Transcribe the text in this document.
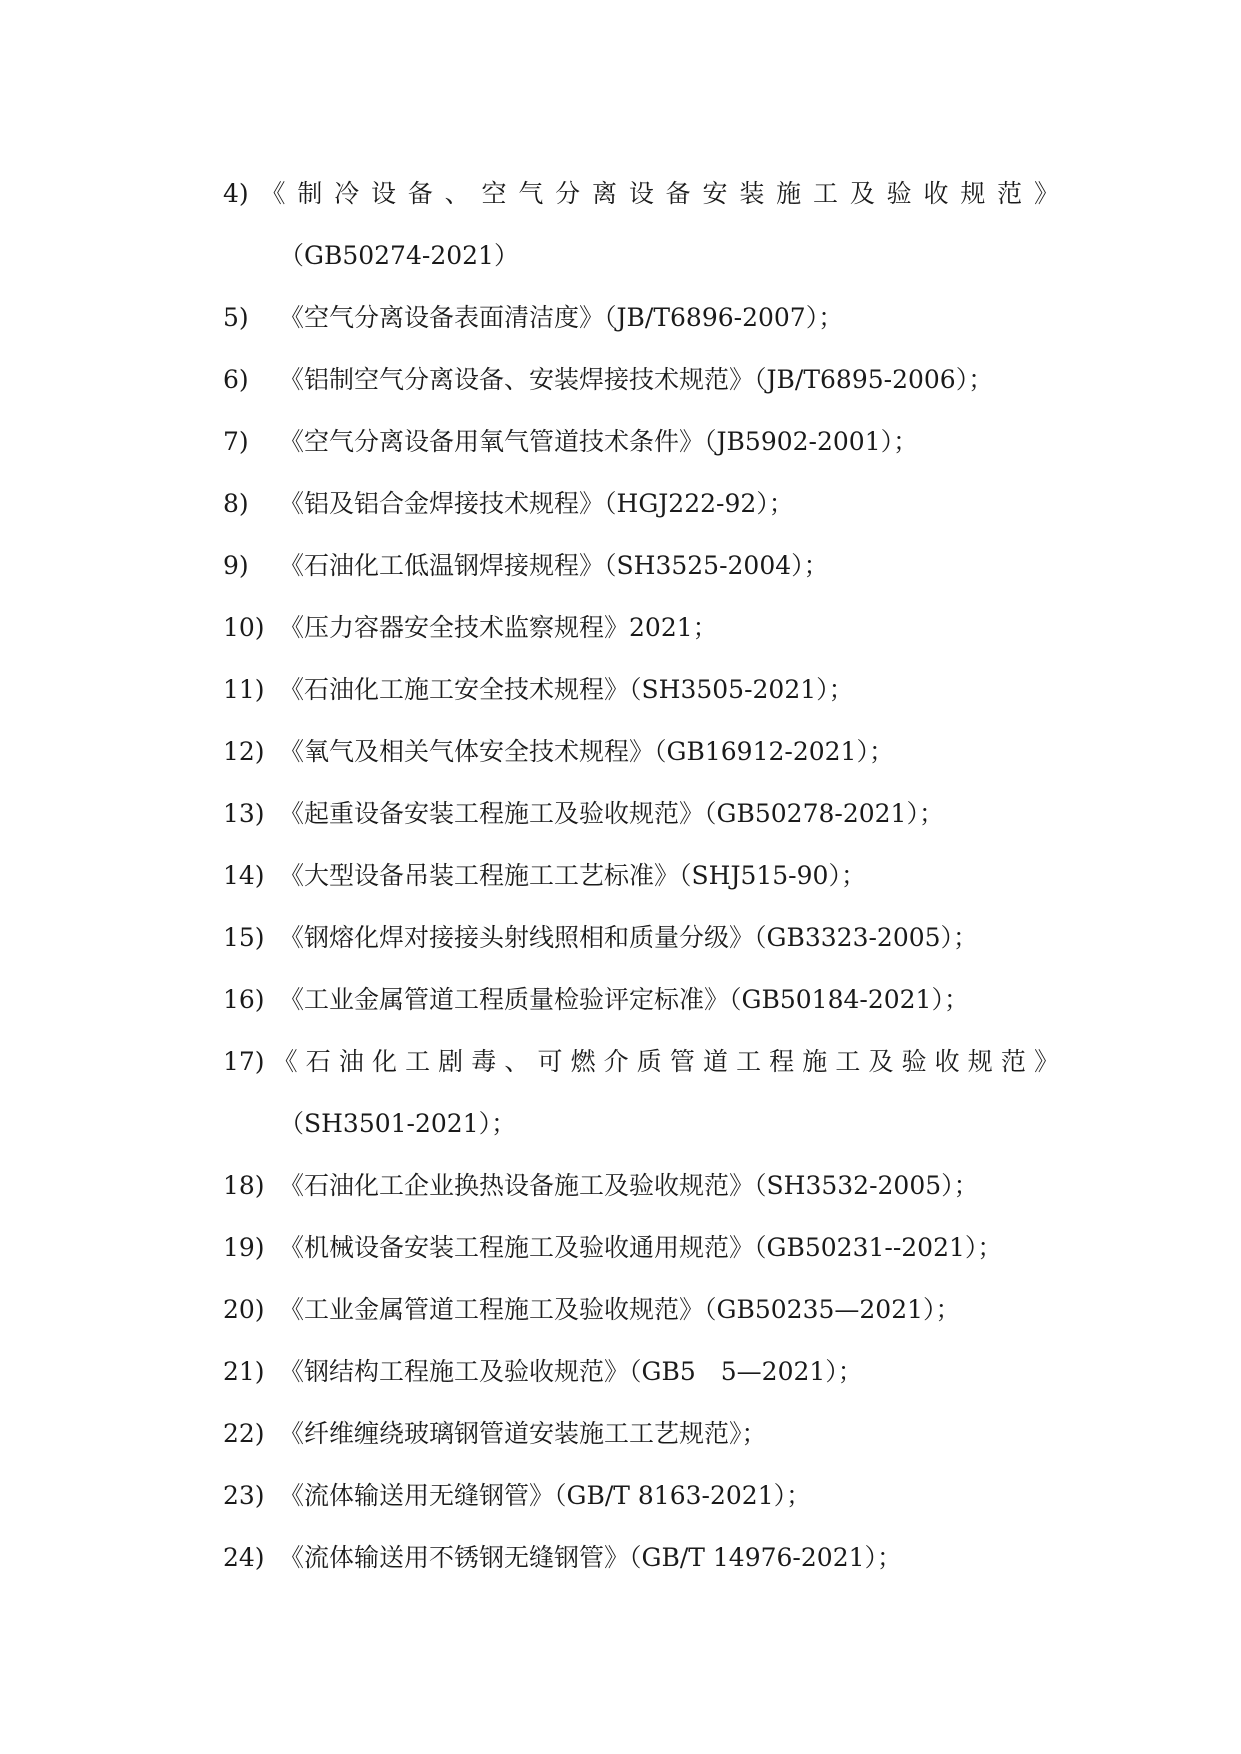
4)《制冷设备、空气分离设备安装施工及验收规范》
（GB50274-2021）
5) 《空气分离设备表面清洁度》（JB/T6896-2007）；
6) 《铝制空气分离设备、安装焊接技术规范》（JB/T6895-2006）；
7) 《空气分离设备用氧气管道技术条件》（JB5902-2001）；
8) 《铝及铝合金焊接技术规程》（HGJ222-92）；
9) 《石油化工低温钢焊接规程》（SH3525-2004）；
10) 《压力容器安全技术监察规程》2021；
11) 《石油化工施工安全技术规程》（SH3505-2021）；
12) 《氧气及相关气体安全技术规程》（GB16912-2021）；
13) 《起重设备安装工程施工及验收规范》（GB50278-2021）；
14) 《大型设备吊装工程施工工艺标准》（SHJ515-90）；
15) 《钢熔化焊对接接头射线照相和质量分级》（GB3323-2005）；
16) 《工业金属管道工程质量检验评定标准》（GB50184-2021）；
17)《石油化工剧毒、可燃介质管道工程施工及验收规范》
（SH3501-2021）；
18) 《石油化工企业换热设备施工及验收规范》（SH3532-2005）；
19) 《机械设备安装工程施工及验收通用规范》（GB50231--2021）；
20) 《工业金属管道工程施工及验收规范》（GB50235—2021）；
21) 《钢结构工程施工及验收规范》（GB5　5—2021）；
22) 《纤维缠绕玻璃钢管道安装施工工艺规范》；
23) 《流体输送用无缝钢管》（GB/T 8163-2021）；
24) 《流体输送用不锈钢无缝钢管》（GB/T 14976-2021）；
